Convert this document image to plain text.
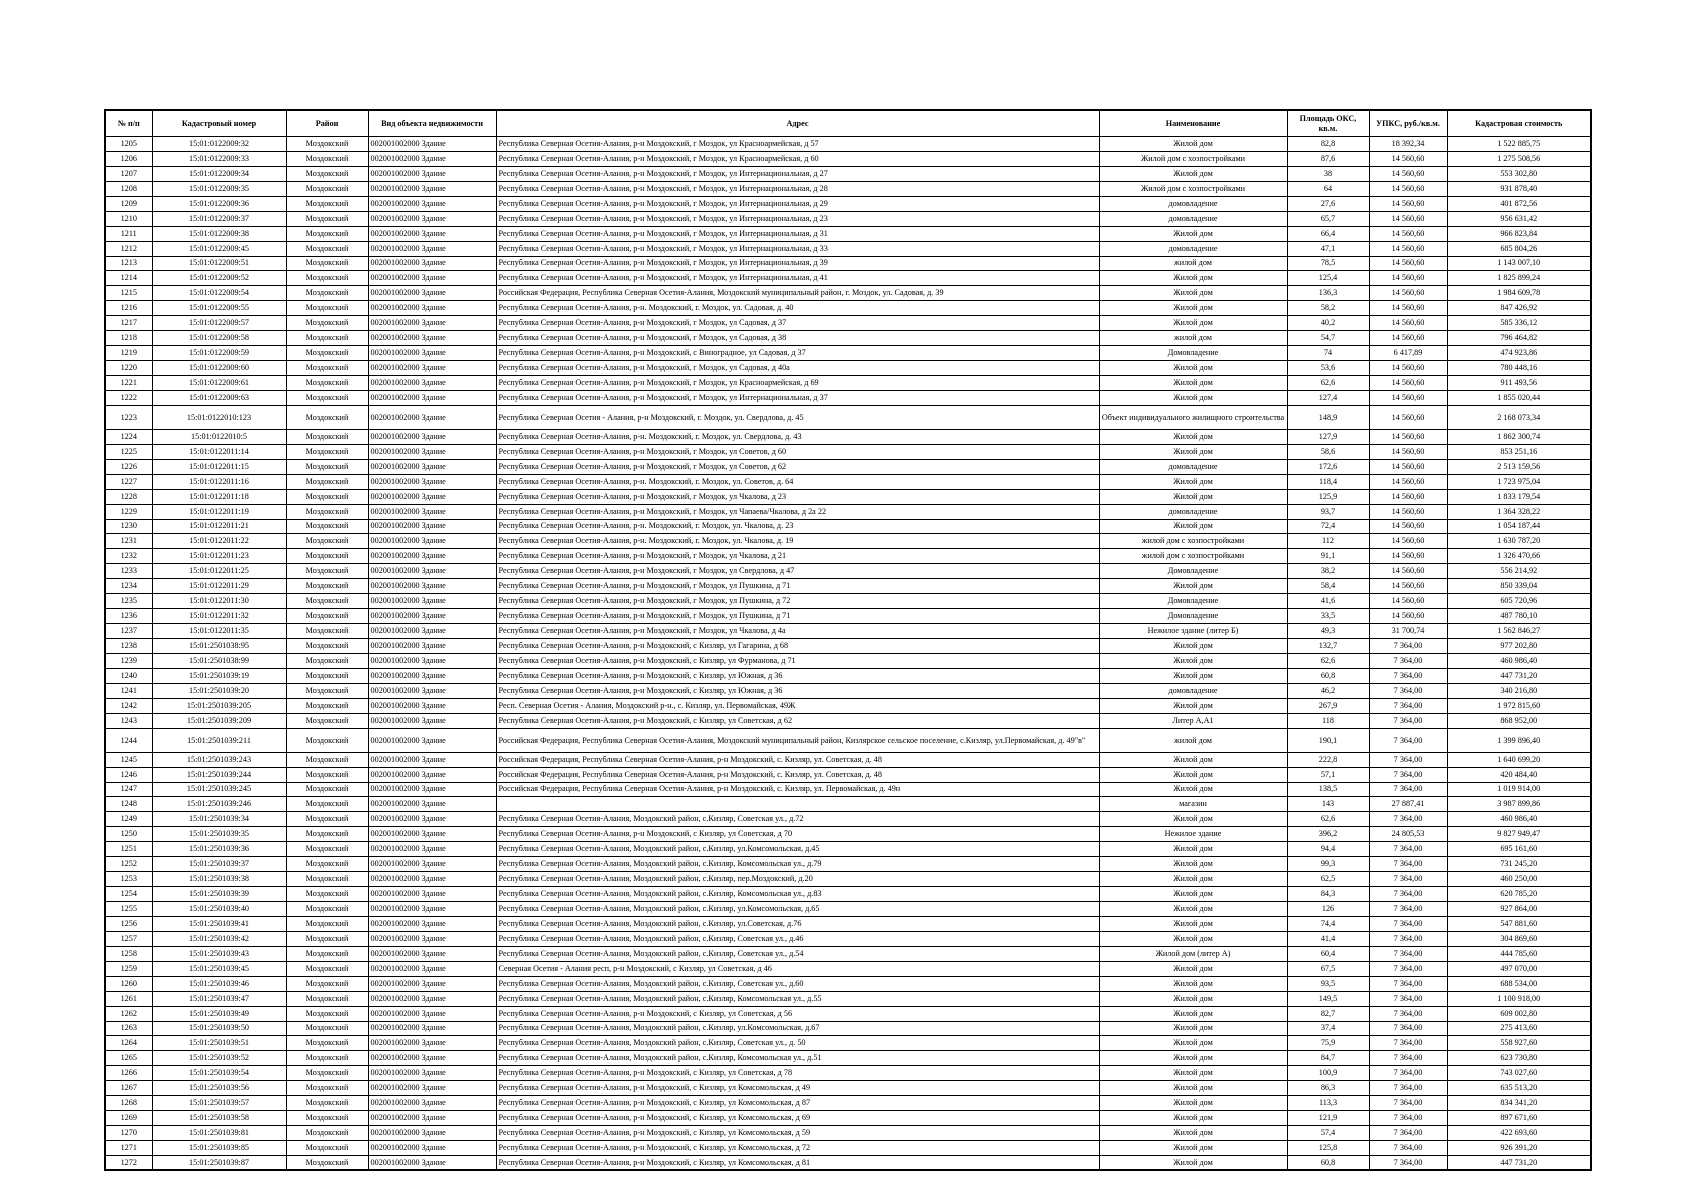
№ п/п	Кадастровый номер	Район	Вид объекта недвижимости	Адрес	Наименование	Площадь ОКС, кв.м.	УПКС, руб./кв.м.	Кадастровая стоимость
1205	15:01:0122009:32	Моздокский	002001002000 Здание	Республика Северная Осетия-Алания, р-н Моздокский, г Моздок, ул Красноармейская, д 57	Жилой дом	82,8	18 392,34	1 522 885,75
1206	15:01:0122009:33	Моздокский	002001002000 Здание	Республика Северная Осетия-Алания, р-н Моздокский, г Моздок, ул Красноармейская, д 60	Жилой дом с хозпостройками	87,6	14 560,60	1 275 508,56
1207	15:01:0122009:34	Моздокский	002001002000 Здание	Республика Северная Осетия-Алания, р-н Моздокский, г Моздок, ул Интернациональная, д 27	Жилой дом	38	14 560,60	553 302,80
1208	15:01:0122009:35	Моздокский	002001002000 Здание	Республика Северная Осетия-Алания, р-н Моздокский, г Моздок, ул Интернациональная, д 28	Жилой дом с хозпостройками	64	14 560,60	931 878,40
1209	15:01:0122009:36	Моздокский	002001002000 Здание	Республика Северная Осетия-Алания, р-н Моздокский, г Моздок, ул Интернациональная, д 29	домовладение	27,6	14 560,60	401 872,56
1210	15:01:0122009:37	Моздокский	002001002000 Здание	Республика Северная Осетия-Алания, р-н Моздокский, г Моздок, ул Интернациональная, д 23	домовладение	65,7	14 560,60	956 631,42
1211	15:01:0122009:38	Моздокский	002001002000 Здание	Республика Северная Осетия-Алания, р-н Моздокский, г Моздок, ул Интернациональная, д 31	Жилой дом	66,4	14 560,60	966 823,84
1212	15:01:0122009:45	Моздокский	002001002000 Здание	Республика Северная Осетия-Алания, р-н Моздокский, г Моздок, ул Интернациональная, д 33	домовладение	47,1	14 560,60	685 804,26
1213	15:01:0122009:51	Моздокский	002001002000 Здание	Республика Северная Осетия-Алания, р-н Моздокский, г Моздок, ул Интернациональная, д 39	жилой дом	78,5	14 560,60	1 143 007,10
1214	15:01:0122009:52	Моздокский	002001002000 Здание	Республика Северная Осетия-Алания, р-н Моздокский, г Моздок, ул Интернациональная, д 41	Жилой дом	125,4	14 560,60	1 825 899,24
1215	15:01:0122009:54	Моздокский	002001002000 Здание	Российская Федерация, Республика Северная Осетия-Алания, Моздокский муниципальный район, г. Моздок, ул. Садовая, д. 39	Жилой дом	136,3	14 560,60	1 984 609,78
1216	15:01:0122009:55	Моздокский	002001002000 Здание	Республика Северная Осетия-Алания, р-н. Моздокский, г. Моздок, ул. Садовая, д. 40	Жилой дом	58,2	14 560,60	847 426,92
1217	15:01:0122009:57	Моздокский	002001002000 Здание	Республика Северная Осетия-Алания, р-н Моздокский, г Моздок, ул Садовая, д 37	Жилой дом	40,2	14 560,60	585 336,12
1218	15:01:0122009:58	Моздокский	002001002000 Здание	Республика Северная Осетия-Алания, р-н Моздокский, г Моздок, ул Садовая, д 38	жилой дом	54,7	14 560,60	796 464,82
1219	15:01:0122009:59	Моздокский	002001002000 Здание	Республика Северная Осетия-Алания, р-н Моздокский, с Виноградное, ул Садовая, д 37	Домовладение	74	6 417,89	474 923,86
1220	15:01:0122009:60	Моздокский	002001002000 Здание	Республика Северная Осетия-Алания, р-н Моздокский, г Моздок, ул Садовая, д 40а	Жилой дом	53,6	14 560,60	780 448,16
1221	15:01:0122009:61	Моздокский	002001002000 Здание	Республика Северная Осетия-Алания, р-н Моздокский, г Моздок, ул Красноармейская, д 69	Жилой дом	62,6	14 560,60	911 493,56
1222	15:01:0122009:63	Моздокский	002001002000 Здание	Республика Северная Осетия-Алания, р-н Моздокский, г Моздок, ул Интернациональная, д 37	Жилой дом	127,4	14 560,60	1 855 020,44
1223	15:01:0122010:123	Моздокский	002001002000 Здание	Республика Северная Осетия - Алания, р-н Моздокский, г. Моздок, ул. Свердлова, д. 45	Объект индивидуального жилищного строительства	148,9	14 560,60	2 168 073,34
1224	15:01:0122010:5	Моздокский	002001002000 Здание	Республика Северная Осетия-Алания, р-н. Моздокский, г. Моздок, ул. Свердлова, д. 43	Жилой дом	127,9	14 560,60	1 862 300,74
1225	15:01:0122011:14	Моздокский	002001002000 Здание	Республика Северная Осетия-Алания, р-н Моздокский, г Моздок, ул Советов, д 60	Жилой дом	58,6	14 560,60	853 251,16
1226	15:01:0122011:15	Моздокский	002001002000 Здание	Республика Северная Осетия-Алания, р-н Моздокский, г Моздок, ул Советов, д 62	домовладение	172,6	14 560,60	2 513 159,56
1227	15:01:0122011:16	Моздокский	002001002000 Здание	Республика Северная Осетия-Алания, р-н. Моздокский, г. Моздок, ул. Советов, д. 64	Жилой дом	118,4	14 560,60	1 723 975,04
1228	15:01:0122011:18	Моздокский	002001002000 Здание	Республика Северная Осетия-Алания, р-н Моздокский, г Моздок, ул Чкалова, д 23	Жилой дом	125,9	14 560,60	1 833 179,54
1229	15:01:0122011:19	Моздокский	002001002000 Здание	Республика Северная Осетия-Алания, р-н Моздокский, г Моздок, ул Чапаева/Чкалова, д 2а 22	домовладение	93,7	14 560,60	1 364 328,22
1230	15:01:0122011:21	Моздокский	002001002000 Здание	Республика Северная Осетия-Алания, р-н. Моздокский, г. Моздок, ул. Чкалова, д. 23	Жилой дом	72,4	14 560,60	1 054 187,44
1231	15:01:0122011:22	Моздокский	002001002000 Здание	Республика Северная Осетия-Алания, р-н. Моздокский, г. Моздок, ул. Чкалова, д. 19	жилой дом с хозпостройками	112	14 560,60	1 630 787,20
1232	15:01:0122011:23	Моздокский	002001002000 Здание	Республика Северная Осетия-Алания, р-н Моздокский, г Моздок, ул Чкалова, д 21	жилой дом с хозпостройками	91,1	14 560,60	1 326 470,66
1233	15:01:0122011:25	Моздокский	002001002000 Здание	Республика Северная Осетия-Алания, р-н Моздокский, г Моздок, ул Свердлова, д 47	Домовладение	38,2	14 560,60	556 214,92
1234	15:01:0122011:29	Моздокский	002001002000 Здание	Республика Северная Осетия-Алания, р-н Моздокский, г Моздок, ул Пушкина, д 71	Жилой дом	58,4	14 560,60	850 339,04
1235	15:01:0122011:30	Моздокский	002001002000 Здание	Республика Северная Осетия-Алания, р-н Моздокский, г Моздок, ул Пушкина, д 72	Домовладение	41,6	14 560,60	605 720,96
1236	15:01:0122011:32	Моздокский	002001002000 Здание	Республика Северная Осетия-Алания, р-н Моздокский, г Моздок, ул Пушкина, д 71	Домовладение	33,5	14 560,60	487 780,10
1237	15:01:0122011:35	Моздокский	002001002000 Здание	Республика Северная Осетия-Алания, р-н Моздокский, г Моздок, ул Чкалова, д 4а	Нежилое здание (литер Б)	49,3	31 700,74	1 562 846,27
1238	15:01:2501038:95	Моздокский	002001002000 Здание	Республика Северная Осетия-Алания, р-н Моздокский, с Кизляр, ул Гагарина, д 68	Жилой дом	132,7	7 364,00	977 202,80
1239	15:01:2501038:99	Моздокский	002001002000 Здание	Республика Северная Осетия-Алания, р-н Моздокский, с Кизляр, ул Фурманова, д 71	Жилой дом	62,6	7 364,00	460 986,40
1240	15:01:2501039:19	Моздокский	002001002000 Здание	Республика Северная Осетия-Алания, р-н Моздокский, с Кизляр, ул Южная, д 36	Жилой дом	60,8	7 364,00	447 731,20
1241	15:01:2501039:20	Моздокский	002001002000 Здание	Республика Северная Осетия-Алания, р-н Моздокский, с Кизляр, ул Южная, д 36	домовладение	46,2	7 364,00	340 216,80
1242	15:01:2501039:205	Моздокский	002001002000 Здание	Респ. Северная Осетия - Алания, Моздокский р-н., с. Кизляр, ул. Первомайская, 49Ж	Жилой дом	267,9	7 364,00	1 972 815,60
1243	15:01:2501039:209	Моздокский	002001002000 Здание	Республика Северная Осетия-Алания, р-н Моздокский, с Кизляр, ул Советская, д 62	Литер А,А1	118	7 364,00	868 952,00
1244	15:01:2501039:211	Моздокский	002001002000 Здание	Российская Федерация, Республика Северная Осетия-Алания, Моздокский муниципальный район, Кизлярское сельское поселение, с.Кизляр, ул.Первомайская, д. 49"в"	жилой дом	190,1	7 364,00	1 399 896,40
1245	15:01:2501039:243	Моздокский	002001002000 Здание	Российская Федерация, Республика Северная Осетия-Алания, р-н Моздокский, с. Кизляр, ул. Советская, д. 48	Жилой дом	222,8	7 364,00	1 640 699,20
1246	15:01:2501039:244	Моздокский	002001002000 Здание	Российская Федерация, Республика Северная Осетия-Алания, р-н Моздокский, с. Кизляр, ул. Советская, д. 48	Жилой дом	57,1	7 364,00	420 484,40
1247	15:01:2501039:245	Моздокский	002001002000 Здание	Российская Федерация, Республика Северная Осетия-Алания, р-н Моздокский, с. Кизляр, ул. Первомайская, д. 49н	Жилой дом	138,5	7 364,00	1 019 914,00
1248	15:01:2501039:246	Моздокский	002001002000 Здание		магазин	143	27 887,41	3 987 899,86
1249	15:01:2501039:34	Моздокский	002001002000 Здание	Республика Северная Осетия-Алания, Моздокский район, с.Кизляр, Советская ул., д.72	Жилой дом	62,6	7 364,00	460 986,40
1250	15:01:2501039:35	Моздокский	002001002000 Здание	Республика Северная Осетия-Алания, р-н Моздокский, с Кизляр, ул Советская, д 70	Нежилое здание	396,2	24 805,53	9 827 949,47
1251	15:01:2501039:36	Моздокский	002001002000 Здание	Республика Северная Осетия-Алания, Моздокский район, с.Кизляр, ул.Комсомольская, д.45	Жилой дом	94,4	7 364,00	695 161,60
1252	15:01:2501039:37	Моздокский	002001002000 Здание	Республика Северная Осетия-Алания, Моздокский район, с.Кизляр, Комсомольская ул., д.79	Жилой дом	99,3	7 364,00	731 245,20
1253	15:01:2501039:38	Моздокский	002001002000 Здание	Республика Северная Осетия-Алания, Моздокский район, с.Кизляр, пер.Моздокский, д.20	Жилой дом	62,5	7 364,00	460 250,00
1254	15:01:2501039:39	Моздокский	002001002000 Здание	Республика Северная Осетия-Алания, Моздокский район, с.Кизляр, Комсомольская ул., д.83	Жилой дом	84,3	7 364,00	620 785,20
1255	15:01:2501039:40	Моздокский	002001002000 Здание	Республика Северная Осетия-Алания, Моздокский район, с.Кизляр, ул.Комсомольская, д.65	Жилой дом	126	7 364,00	927 864,00
1256	15:01:2501039:41	Моздокский	002001002000 Здание	Республика Северная Осетия-Алания, Моздокский район, с.Кизляр, ул.Советская, д.76	Жилой дом	74,4	7 364,00	547 881,60
1257	15:01:2501039:42	Моздокский	002001002000 Здание	Республика Северная Осетия-Алания, Моздокский район, с.Кизляр, Советская ул., д.46	Жилой дом	41,4	7 364,00	304 869,60
1258	15:01:2501039:43	Моздокский	002001002000 Здание	Республика Северная Осетия-Алания, Моздокский район, с.Кизляр, Советская ул., д.54	Жилой дом (литер А)	60,4	7 364,00	444 785,60
1259	15:01:2501039:45	Моздокский	002001002000 Здание	Северная Осетия - Алания респ, р-н Моздокский, с Кизляр, ул Советская, д 46	Жилой дом	67,5	7 364,00	497 070,00
1260	15:01:2501039:46	Моздокский	002001002000 Здание	Республика Северная Осетия-Алания, Моздокский район, с.Кизляр, Советская ул., д.60	Жилой дом	93,5	7 364,00	688 534,00
1261	15:01:2501039:47	Моздокский	002001002000 Здание	Республика Северная Осетия-Алания, Моздокский район, с.Кизляр, Комсомольская ул., д.55	Жилой дом	149,5	7 364,00	1 100 918,00
1262	15:01:2501039:49	Моздокский	002001002000 Здание	Республика Северная Осетия-Алания, р-н Моздокский, с Кизляр, ул Советская, д 56	Жилой дом	82,7	7 364,00	609 002,80
1263	15:01:2501039:50	Моздокский	002001002000 Здание	Республика Северная Осетия-Алания, Моздокский район, с.Кизляр, ул.Комсомольская, д.67	Жилой дом	37,4	7 364,00	275 413,60
1264	15:01:2501039:51	Моздокский	002001002000 Здание	Республика Северная Осетия-Алания, Моздокский район, с.Кизляр, Советская ул., д. 50	Жилой дом	75,9	7 364,00	558 927,60
1265	15:01:2501039:52	Моздокский	002001002000 Здание	Республика Северная Осетия-Алания, Моздокский район, с.Кизляр, Комсомольская ул., д.51	Жилой дом	84,7	7 364,00	623 730,80
1266	15:01:2501039:54	Моздокский	002001002000 Здание	Республика Северная Осетия-Алания, р-н Моздокский, с Кизляр, ул Советская, д 78	Жилой дом	100,9	7 364,00	743 027,60
1267	15:01:2501039:56	Моздокский	002001002000 Здание	Республика Северная Осетия-Алания, р-н Моздокский, с Кизляр, ул Комсомольская, д 49	Жилой дом	86,3	7 364,00	635 513,20
1268	15:01:2501039:57	Моздокский	002001002000 Здание	Республика Северная Осетия-Алания, р-н Моздокский, с Кизляр, ул Комсомольская, д 87	Жилой дом	113,3	7 364,00	834 341,20
1269	15:01:2501039:58	Моздокский	002001002000 Здание	Республика Северная Осетия-Алания, р-н Моздокский, с Кизляр, ул Комсомольская, д 69	Жилой дом	121,9	7 364,00	897 671,60
1270	15:01:2501039:81	Моздокский	002001002000 Здание	Республика Северная Осетия-Алания, р-н Моздокский, с Кизляр, ул Комсомольская, д 59	Жилой дом	57,4	7 364,00	422 693,60
1271	15:01:2501039:85	Моздокский	002001002000 Здание	Республика Северная Осетия-Алания, р-н Моздокский, с Кизляр, ул Комсомольская, д 72	Жилой дом	125,8	7 364,00	926 391,20
1272	15:01:2501039:87	Моздокский	002001002000 Здание	Республика Северная Осетия-Алания, р-н Моздокский, с Кизляр, ул Комсомольская, д 81	Жилой дом	60,8	7 364,00	447 731,20
